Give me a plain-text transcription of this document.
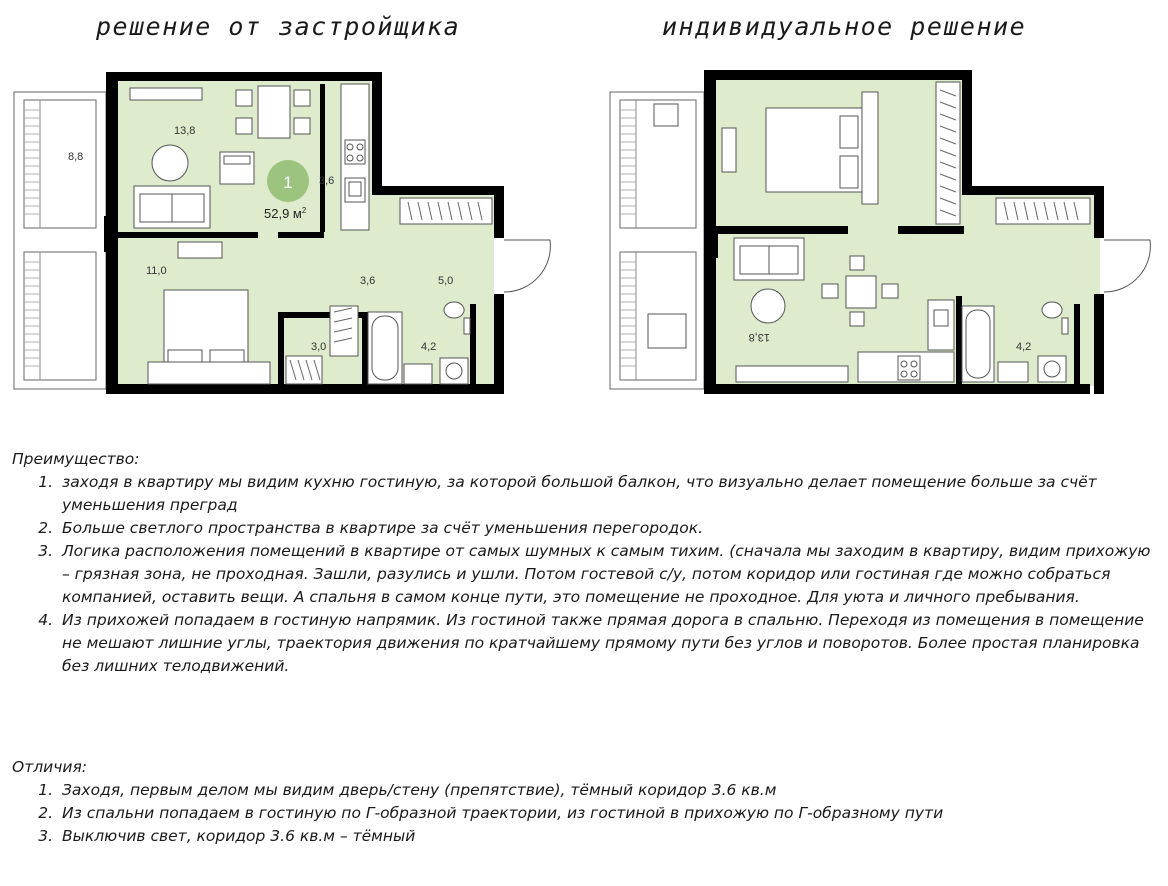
решение от застройщика	индивидуальное решение
8,8
13,8
3,6
11,0
3,6	5,0
3,0	4,2
1
52,9 $м^2$
13,8
4,2

Преимущество:

1. заходя в квартиру мы видим кухню гостиную, за которой большой балкон, что визуально делает помещение больше за счёт уменьшения преград
2. Больше светлого пространства в квартире за счёт уменьшения перегородок.
3. Логика расположения помещений в квартире от самых шумных к самым тихим. (сначала мы заходим в квартиру, видим прихожую – грязная зона, не проходная. Зашли, разулись и ушли. Потом гостевой с/у, потом коридор или гостиная где можно собраться компанией, оставить вещи. А спальня в самом конце пути, это помещение не проходное. Для уюта и личного пребывания.
4. Из прихожей попадаем в гостиную напрямик. Из гостиной также прямая дорога в спальню. Переходя из помещения в помещение не мешают лишние углы, траектория движения по кратчайшему прямому пути без углов и поворотов. Более простая планировка без лишних телодвижений.

Отличия:

1. Заходя, первым делом мы видим дверь/стену (препятствие), тёмный коридор 3.6 кв.м
2. Из спальни попадаем в гостиную по Г-образной траектории, из гостиной в прихожую по Г-образному пути
3. Выключив свет, коридор 3.6 кв.м – тёмный
